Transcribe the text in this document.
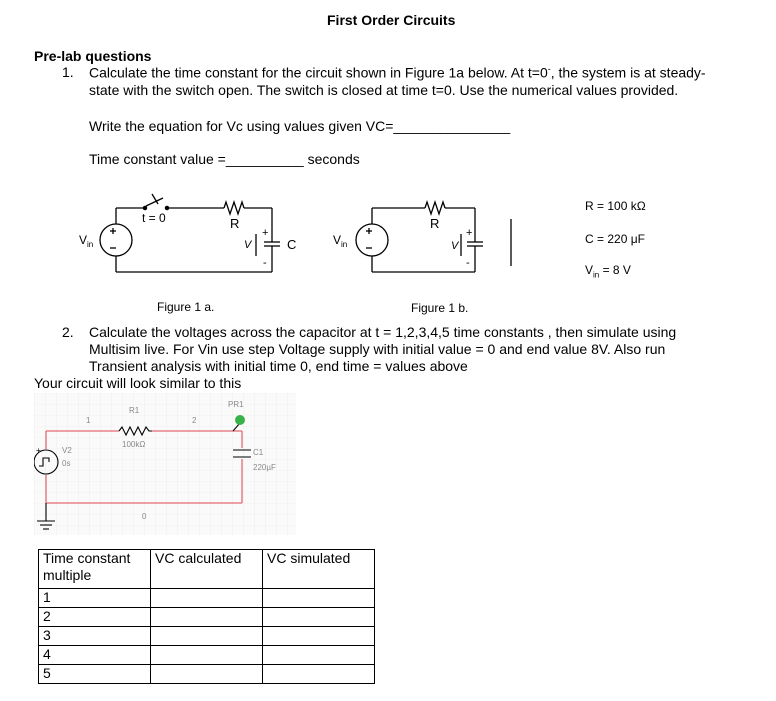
First Order Circuits
Pre-lab questions
1. Calculate the time constant for the circuit shown in Figure 1a below. At t=0-, the system is at steady-
state with the switch open. The switch is closed at time t=0. Use the numerical values provided.
Write the equation for Vc using values given VC=_______________
Time constant value =__________ seconds
$V_{in}$
t = 0	R
+
V
-
C	$V_{in}$
R
+
V
-
R = 100 kΩ
C = 220 μF
$V_{in} = 8$ V
Figure 1 a.	Figure 1 b.
2. Calculate the voltages across the capacitor at t = 1,2,3,4,5 time constants , then simulate using
Multisim live. For Vin use step Voltage supply with initial value = 0 and end value 8V. Also run
Transient analysis with initial time 0, end time = values above
Your circuit will look similar to this
+
1	2
0
R1
100kΩ
V2
0s
C1
220µF
PR1
Time constant multiple	VC calculated	VC simulated
1		
2		
3		
4		
5		
